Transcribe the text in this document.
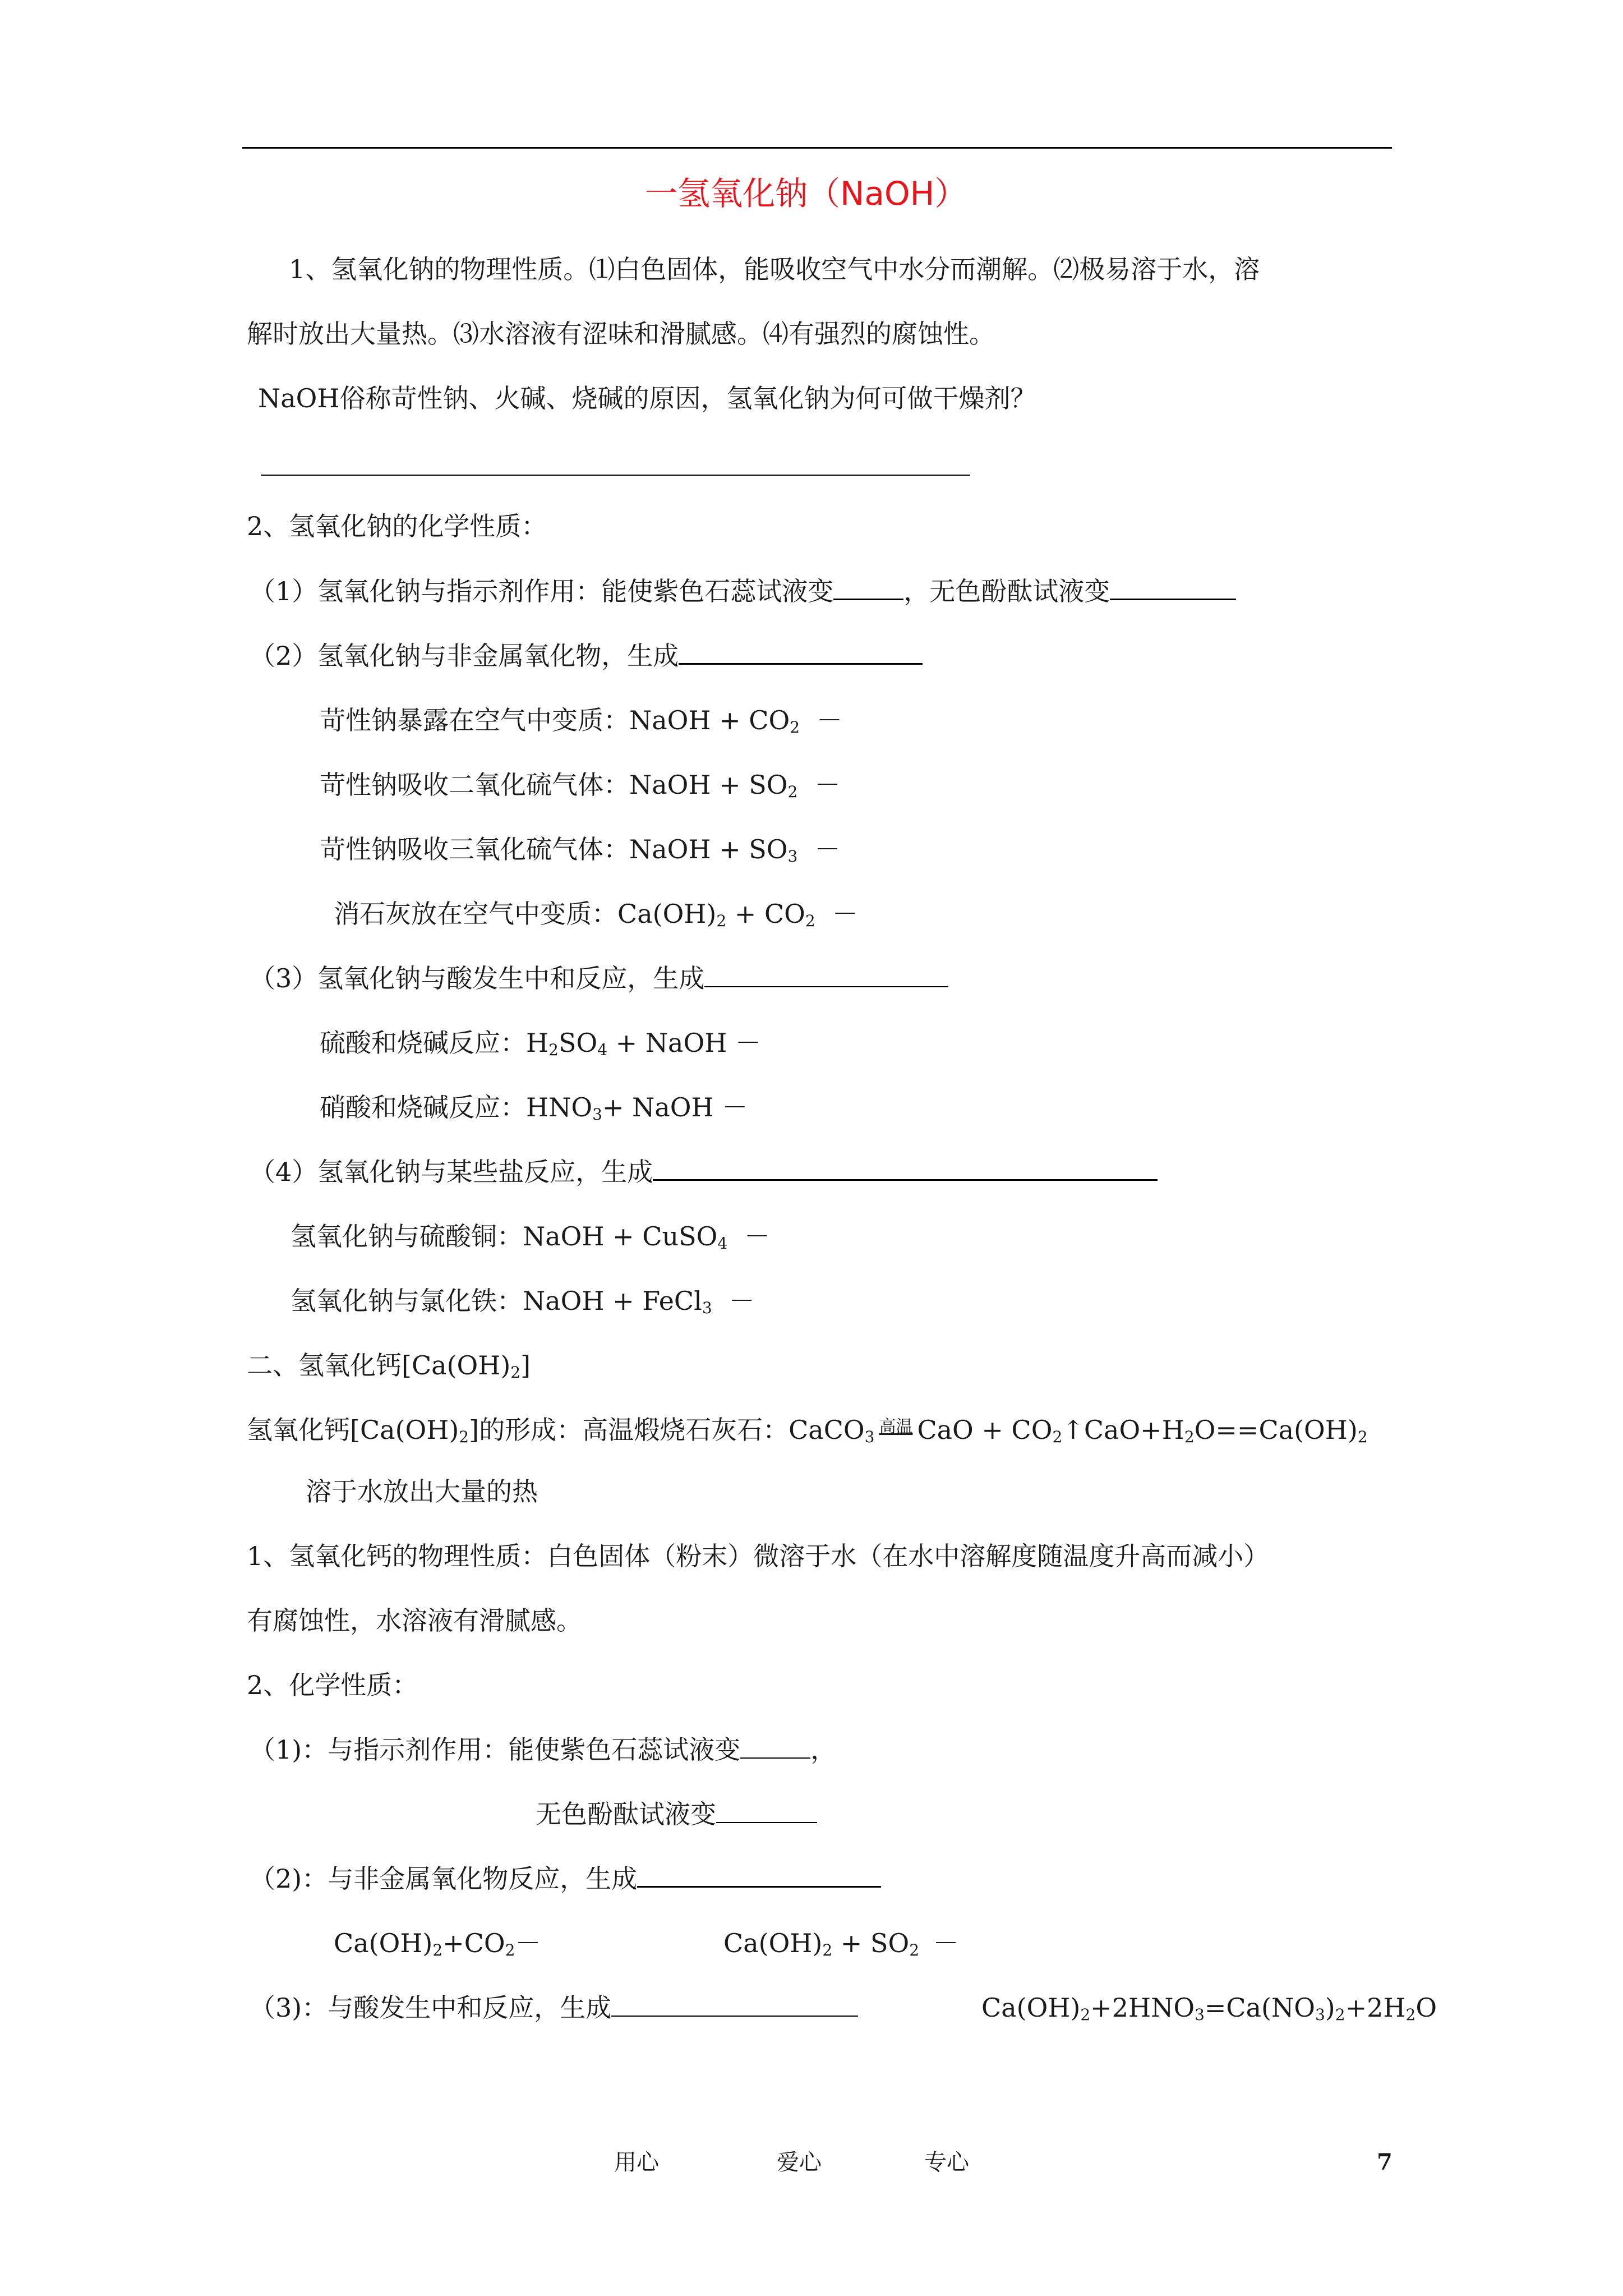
一氢氧化钠（NaOH）
1、氢氧化钠的物理性质。⑴白色固体，能吸收空气中水分而潮解。⑵极易溶于水，溶
解时放出大量热。⑶水溶液有涩味和滑腻感。⑷有强烈的腐蚀性。
NaOH俗称苛性钠、火碱、烧碱的原因，氢氧化钠为何可做干燥剂？
2、氢氧化钠的化学性质：
（1）氢氧化钠与指示剂作用：能使紫色石蕊试液变	，无色酚酞试液变
（2）氢氧化钠与非金属氧化物，生成
苛性钠暴露在空气中变质：NaOH + $CO_2$ －
苛性钠吸收二氧化硫气体：NaOH + $SO_2$ －
苛性钠吸收三氧化硫气体：NaOH + $SO_3$ －
消石灰放在空气中变质：$Ca(OH)_2 + CO_2$ －
（3）氢氧化钠与酸发生中和反应，生成
硫酸和烧碱反应：$H_2SO_4$ + NaOH －
硝酸和烧碱反应：$HNO_3+$ NaOH －
（4）氢氧化钠与某些盐反应，生成
氢氧化钠与硫酸铜：NaOH + CuSO$_4$ －
氢氧化钠与氯化铁：NaOH + FeCl$_3$ －
二、氢氧化钙$[Ca(OH)_2]$
氢氧化钙$[Ca(OH)_2]$的形成：高温煅烧石灰石：CaCO$_3$高温 CaO + $CO_2↑CaO+H_2O==Ca(OH)_2$
溶于水放出大量的热
1、氢氧化钙的物理性质：白色固体（粉末）微溶于水（在水中溶解度随温度升高而减小）
有腐蚀性，水溶液有滑腻感。
2、化学性质：
（1)：与指示剂作用：能使紫色石蕊试液变	，
无色酚酞试液变
（2)：与非金属氧化物反应，生成
$Ca(OH)_2+CO_2-$	$Ca(OH)_2 + SO_2$ －
（3)：与酸发生中和反应，生成	$Ca(OH)_2+2HNO_3=Ca(NO_3)_2+2H_2O$
用心	爱心	专心	7
